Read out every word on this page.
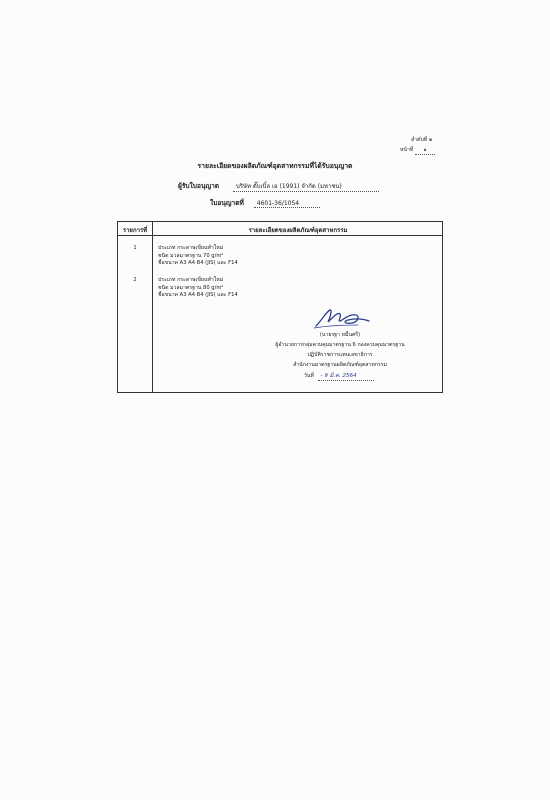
ลำดับที่ ๒
หน้าที่ ๑
รายละเอียดของผลิตภัณฑ์อุตสาหกรรมที่ได้รับอนุญาต
ผู้รับใบอนุญาต	บริษัท ดั๊บเบิ้ล เอ (1991) จำกัด (มหาชน)
ใบอนุญาตที่ 4601-36/1054
รายการที่	รายละเอียดของผลิตภัณฑ์อุตสาหกรรม
1	ประเภท กระดาษเขียนทำใหม่
ชนิด มวลมาตรฐาน 70 g/m²
ชื่อขนาด A3 A4 B4 (JIS) และ F14
2	ประเภท กระดาษเขียนทำใหม่
ชนิด มวลมาตรฐาน 80 g/m²
ชื่อขนาด A3 A4 B4 (JIS) และ F14
(นายรฐา หมื่นศรี)
ผู้อำนวยการกลุ่มควบคุมมาตรฐาน 6 กองควบคุมมาตรฐาน
ปฏิบัติราชการแทนเลขาธิการ
สำนักงานมาตรฐานผลิตภัณฑ์อุตสาหกรรม
วันที่ - 9 มี.ค. 2564
